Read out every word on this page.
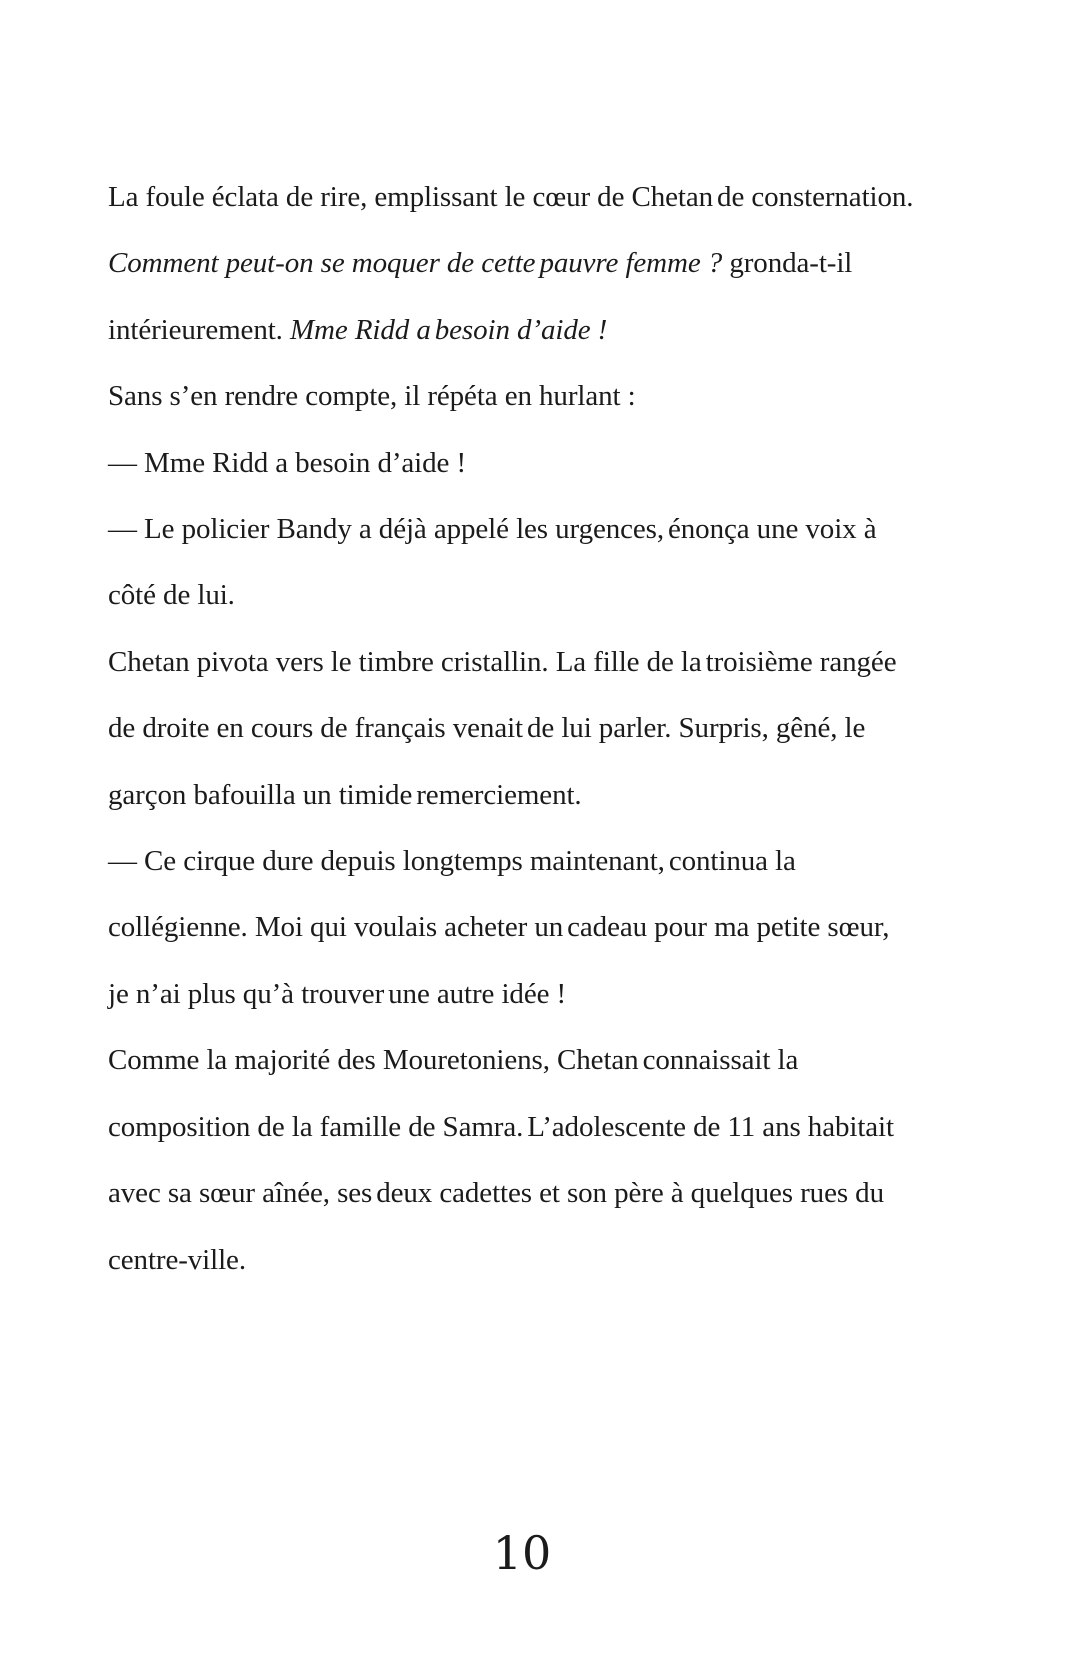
La foule éclata de rire, emplissant le cœur de Chetan de consternation. Comment peut-on se moquer de cette pauvre femme ? gronda-t-il intérieurement. Mme Ridd a besoin d’aide !

Sans s’en rendre compte, il répéta en hurlant :

— Mme Ridd a besoin d’aide !

— Le policier Bandy a déjà appelé les urgences, énonça une voix à côté de lui.

Chetan pivota vers le timbre cristallin. La fille de la troisième rangée de droite en cours de français venait de lui parler. Surpris, gêné, le garçon bafouilla un timide remerciement.

— Ce cirque dure depuis longtemps maintenant, continua la collégienne. Moi qui voulais acheter un cadeau pour ma petite sœur, je n’ai plus qu’à trouver une autre idée !

Comme la majorité des Mouretoniens, Chetan connaissait la composition de la famille de Samra. L’adolescente de 11 ans habitait avec sa sœur aînée, ses deux cadettes et son père à quelques rues du centre-ville.

10
